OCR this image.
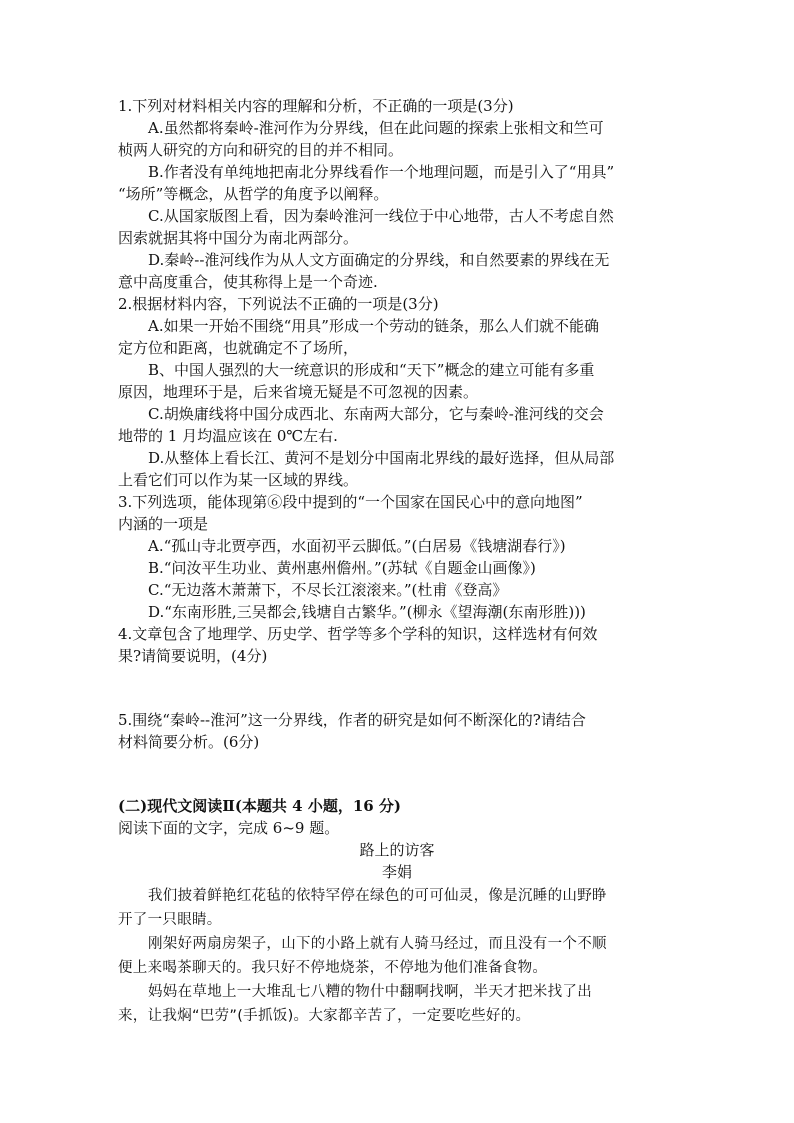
1.下列对材料相关内容的理解和分析，不正确的一项是(3分)
A.虽然都将秦岭-淮河作为分界线，但在此问题的探索上张相文和竺可
桢两人研究的方向和研究的目的并不相同。
B.作者没有单纯地把南北分界线看作一个地理问题，而是引入了“用具”
“场所”等概念，从哲学的角度予以阐释。
C.从国家版图上看，因为秦岭淮河一线位于中心地带，古人不考虑自然
因索就据其将中国分为南北两部分。
D.秦岭--淮河线作为从人文方面确定的分界线，和自然要素的界线在无
意中高度重合，使其称得上是一个奇迹.
2.根据材料内容，下列说法不正确的一项是(3分)
A.如果一开始不围绕“用具”形成一个劳动的链条，那么人们就不能确
定方位和距离，也就确定不了场所，
B、中国人强烈的大一统意识的形成和“天下”概念的建立可能有多重
原因，地理环于是，后来省境无疑是不可忽视的因素。
C.胡焕庸线将中国分成西北、东南两大部分，它与秦岭-淮河线的交会
地带的 1 月均温应该在 0℃左右.
D.从整体上看长江、黄河不是划分中国南北界线的最好选择，但从局部
上看它们可以作为某一区域的界线。
3.下列选项，能体现第⑥段中提到的“一个国家在国民心中的意向地图”
内涵的一项是
A.“孤山寺北贾亭西，水面初平云脚低。”(白居易《钱塘湖春行》)
B.“问汝平生功业、黄州惠州儋州。”(苏轼《自题金山画像》)
C.“无边落木萧萧下，不尽长江滚滚来。”(杜甫《登高》
D.“东南形胜,三吴都会,钱塘自古繁华。”(柳永《望海潮(东南形胜)))
4.文章包含了地理学、历史学、哲学等多个学科的知识，这样选材有何效
果?请简要说明，(4分)
5.围绕“秦岭--淮河”这一分界线，作者的研究是如何不断深化的?请结合
材料简要分析。(6分)
(二)现代文阅读Ⅱ(本题共 4 小题，16 分)
阅读下面的文字，完成 6~9 题。
路上的访客
李娟
我们披着鲜艳红花毡的依特罕停在绿色的可可仙灵，像是沉睡的山野睁
开了一只眼睛。
刚架好两扇房架子，山下的小路上就有人骑马经过，而且没有一个不顺
便上来喝茶聊天的。我只好不停地烧茶，不停地为他们准备食物。
妈妈在草地上一大堆乱七八糟的物什中翻啊找啊，半天才把米找了出
来，让我焖“巴劳”(手抓饭)。大家都辛苦了，一定要吃些好的。
